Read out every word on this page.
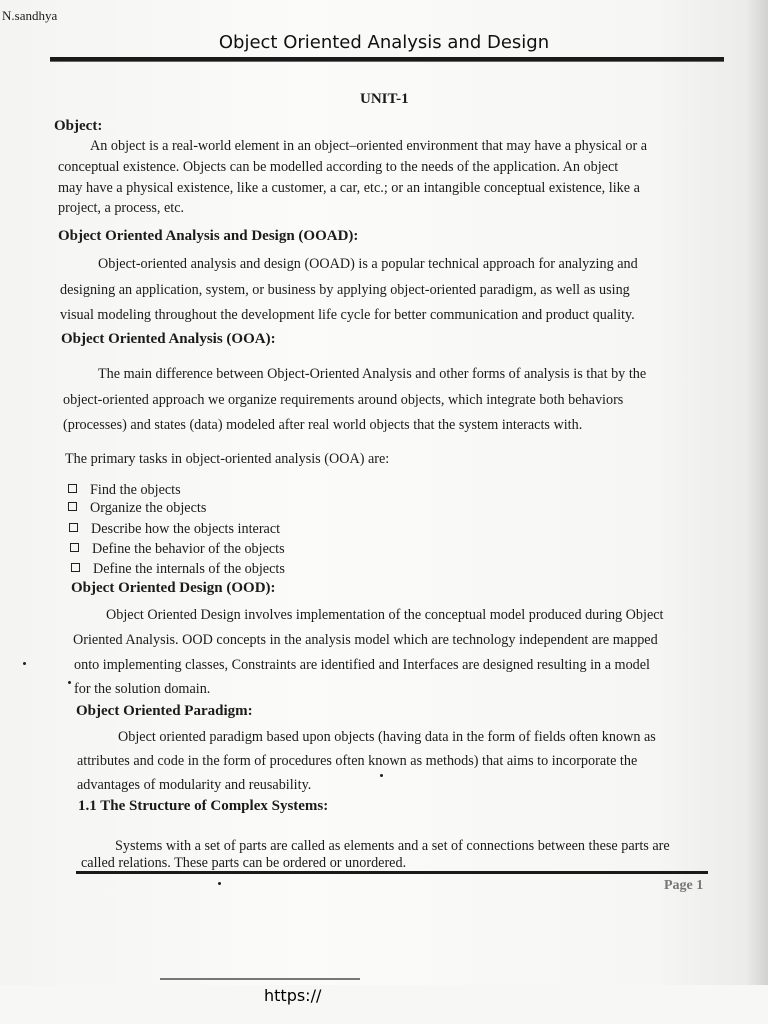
N.sandhya
Object Oriented Analysis and Design
UNIT-1
Object:
An object is a real-world element in an object–oriented environment that may have a physical or a
conceptual existence. Objects can be modelled according to the needs of the application. An object
may have a physical existence, like a customer, a car, etc.; or an intangible conceptual existence, like a
project, a process, etc.
Object Oriented Analysis and Design (OOAD):
Object-oriented analysis and design (OOAD) is a popular technical approach for analyzing and
designing an application, system, or business by applying object-oriented paradigm, as well as using
visual modeling throughout the development life cycle for better communication and product quality.
Object Oriented Analysis (OOA):
The main difference between Object-Oriented Analysis and other forms of analysis is that by the
object-oriented approach we organize requirements around objects, which integrate both behaviors
(processes) and states (data) modeled after real world objects that the system interacts with.
The primary tasks in object-oriented analysis (OOA) are:
Find the objects
Organize the objects
Describe how the objects interact
Define the behavior of the objects
Define the internals of the objects
Object Oriented Design (OOD):
Object Oriented Design involves implementation of the conceptual model produced during Object
Oriented Analysis. OOD concepts in the analysis model which are technology independent are mapped
onto implementing classes, Constraints are identified and Interfaces are designed resulting in a model
for the solution domain.
Object Oriented Paradigm:
Object oriented paradigm based upon objects (having data in the form of fields often known as
attributes and code in the form of procedures often known as methods) that aims to incorporate the
advantages of modularity and reusability.
1.1 The Structure of Complex Systems:
Systems with a set of parts are called as elements and a set of connections between these parts are
called relations. These parts can be ordered or unordered.
Page 1
https://
